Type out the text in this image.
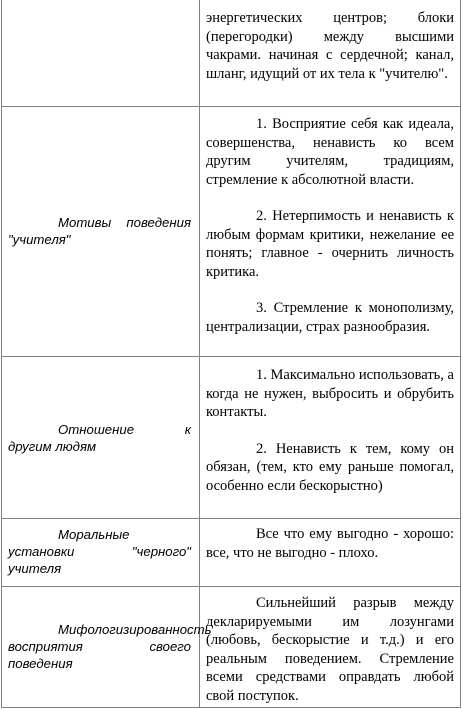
энергетических центров; блоки (перегородки) между высшими чакрами. начиная с сердечной; канал, шланг, идущий от их тела к "учителю".

Мотивы поведения "учителя"

1. Восприятие себя как идеала, совершенства, ненависть ко всем другим учителям, традициям, стремление к абсолютной власти.

2. Нетерпимость и ненависть к любым формам критики, нежелание ее понять; главное - очернить личность критика.

3. Стремление к монополизму, централизации, страх разнообразия.

Отношение к другим людям

1. Максимально использовать, а когда не нужен, выбросить и обрубить контакты.

2. Ненависть к тем, кому он обязан, (тем, кто ему раньше помогал, особенно если бескорыстно)

Моральные установки "черного" учителя

Все что ему выгодно - хорошо: все, что не выгодно - плохо.

Мифологизированность восприятия своего поведения

Сильнейший разрыв между декларируемыми им лозунгами (любовь, бескорыстие и т.д.) и его реальным поведением. Стремление всеми средствами оправдать любой свой поступок.
